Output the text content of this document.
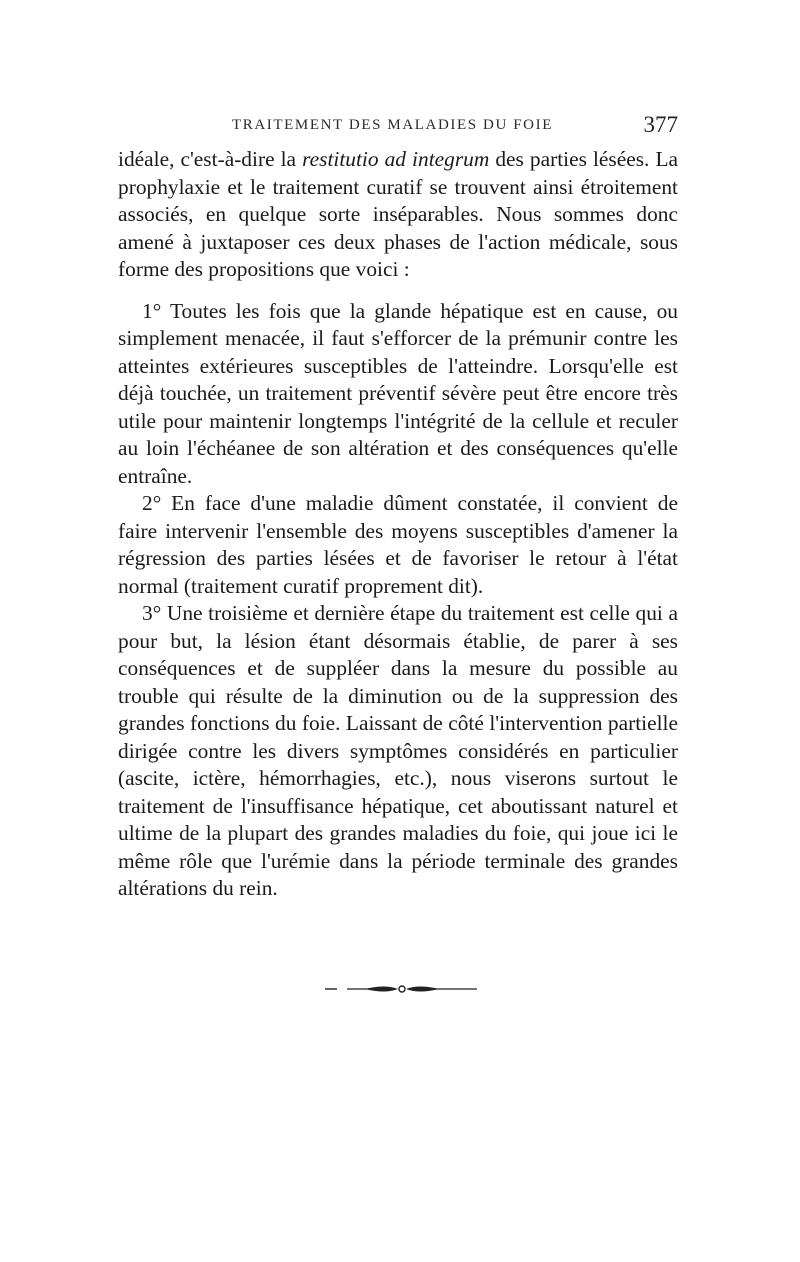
TRAITEMENT DES MALADIES DU FOIE	377

idéale, c'est-à-dire la restitutio ad integrum des parties lésées. La prophylaxie et le traitement curatif se trouvent ainsi étroitement associés, en quelque sorte inséparables. Nous sommes donc amené à juxtaposer ces deux phases de l'action médicale, sous forme des propositions que voici :

1° Toutes les fois que la glande hépatique est en cause, ou simplement menacée, il faut s'efforcer de la prémunir contre les atteintes extérieures susceptibles de l'atteindre. Lorsqu'elle est déjà touchée, un traitement préventif sévère peut être encore très utile pour maintenir longtemps l'intégrité de la cellule et reculer au loin l'échéanee de son altération et des conséquences qu'elle entraîne.

2° En face d'une maladie dûment constatée, il convient de faire intervenir l'ensemble des moyens susceptibles d'amener la régression des parties lésées et de favoriser le retour à l'état normal (traitement curatif proprement dit).

3° Une troisième et dernière étape du traitement est celle qui a pour but, la lésion étant désormais établie, de parer à ses conséquences et de suppléer dans la mesure du possible au trouble qui résulte de la diminution ou de la suppression des grandes fonctions du foie. Laissant de côté l'intervention partielle dirigée contre les divers symptômes considérés en particulier (ascite, ictère, hémorrhagies, etc.), nous viserons surtout le traitement de l'insuffisance hépatique, cet aboutissant naturel et ultime de la plupart des grandes maladies du foie, qui joue ici le même rôle que l'urémie dans la période terminale des grandes altérations du rein.
